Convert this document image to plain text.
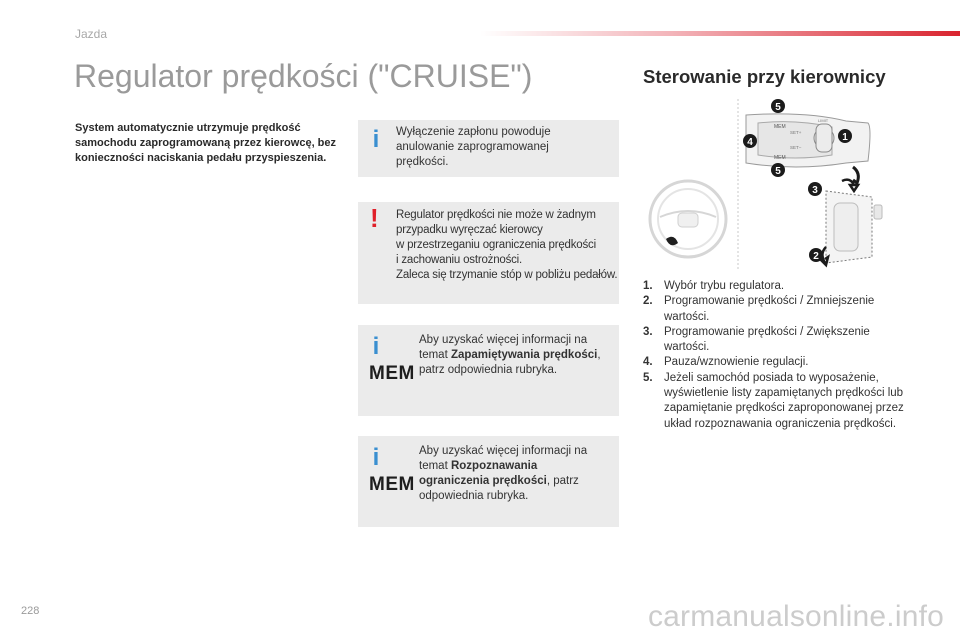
Jazda
Regulator prędkości ("CRUISE")
System automatycznie utrzymuje prędkość samochodu zaprogramowaną przez kierowcę, bez konieczności naciskania pedału przyspieszenia.
i Wyłączenie zapłonu powoduje anulowanie zaprogramowanej prędkości.
! Regulator prędkości nie może w żadnym
przypadku wyręczać kierowcy
w przestrzeganiu ograniczenia prędkości
i zachowaniu ostrożności.
Zaleca się trzymanie stóp w pobliżu pedałów.
i
MEM
Aby uzyskać więcej informacji na temat Zapamiętywania prędkości, patrz odpowiednia rubryka.
i
MEM
Aby uzyskać więcej informacji na temat Rozpoznawania ograniczenia prędkości, patrz odpowiednia rubryka.
Sterowanie przy kierownicy
MEM
MEM
SET+
SET−
LIMIT
5
4	1
5
3
2
1. Wybór trybu regulatora.
2. Programowanie prędkości / Zmniejszenie wartości.
3. Programowanie prędkości / Zwiększenie wartości.
4. Pauza/wznowienie regulacji.
5. Jeżeli samochód posiada to wyposażenie, wyświetlenie listy zapamiętanych prędkości lub zapamiętanie prędkości zaproponowanej przez układ rozpoznawania ograniczenia prędkości.
228	carmanualsonline.info
